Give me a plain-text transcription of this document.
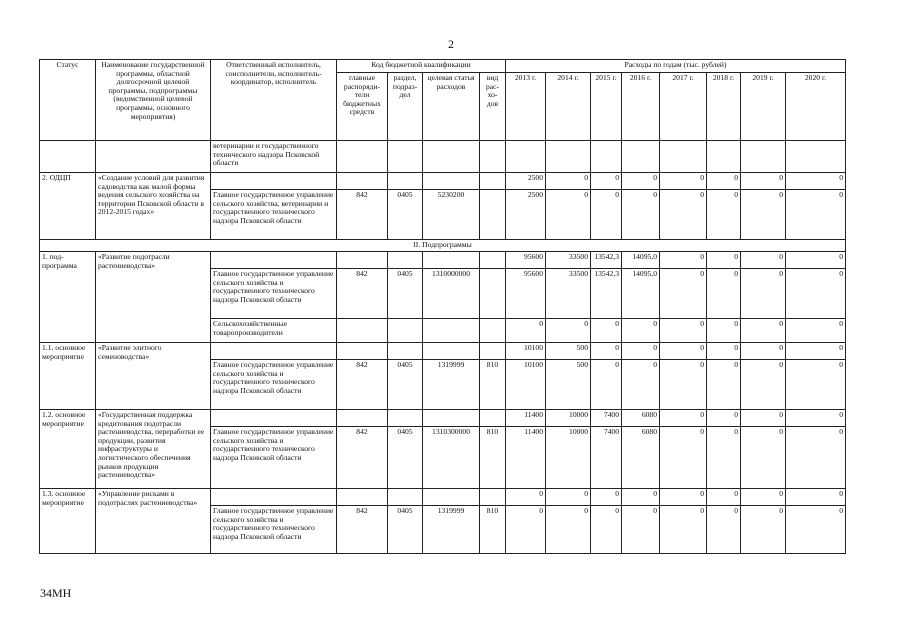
2
Статус	Наименование государственной программы, областной долгосрочной целевой программы, подпрограммы (ведомственной целевой программы, основного мероприятия)	Ответственный исполнитель, соисполнители, исполнитель-координатор, исполнитель	Код бюджетной квалификации				Расходы по годам (тыс. рублей)							
			главные распоряди-тели бюджетных средств	раздел, подраз-дел	целевая статья расходов	вид рас-хо-дов	2013 г.	2014 г.	2015 г.	2016 г.	2017 г.	2018 г.	2019 г.	2020 г.
		ветеринарии и государственного технического надзора Псковской области												
2. ОДЦП	«Создание условий для развития садоводства как малой формы ведения сельского хозяйства на территории Псковской области в 2012-2015 годах»						2500	0	0	0	0	0	0	0
		Главное государственное управление сельского хозяйства, ветеринарии и государственного технического надзора Псковской области	842	0405	5230200		2500	0	0	0	0	0	0	0
II. Подпрограммы														
1. под-программа	«Развитие подотрасли растениеводства»						95600	33500	13542,3	14095,0	0	0	0	0
		Главное государственное управление сельского хозяйства и государственного технического надзора Псковской области	842	0405	1310000000		95600	33500	13542,3	14095,0	0	0	0	0
		Сельскохозяйственные товаропроизводители					0	0	0	0	0	0	0	0
1.1. основное мероприятие	«Развитие элитного семеноводства»						10100	500	0	0	0	0	0	0
		Главное государственное управление сельского хозяйства и государственного технического надзора Псковской области	842	0405	1319999	810	10100	500	0	0	0	0	0	0
1.2. основное мероприятие	«Государственная поддержка кредитования подотрасли растениеводства, переработки ее продукции, развития инфраструктуры и логистического обеспечения рынков продукции растениеводства»						11400	10000	7400	6080	0	0	0	0
		Главное государственное управление сельского хозяйства и государственного технического надзора Псковской области	842	0405	1310300000	810	11400	10000	7400	6080	0	0	0	0
1.3. основное мероприятие	«Управление рисками в подотраслях растениеводства»						0	0	0	0	0	0	0	0
		Главное государственное управление сельского хозяйства и государственного технического надзора Псковской области	842	0405	1319999	810	0	0	0	0	0	0	0	0
34МН
